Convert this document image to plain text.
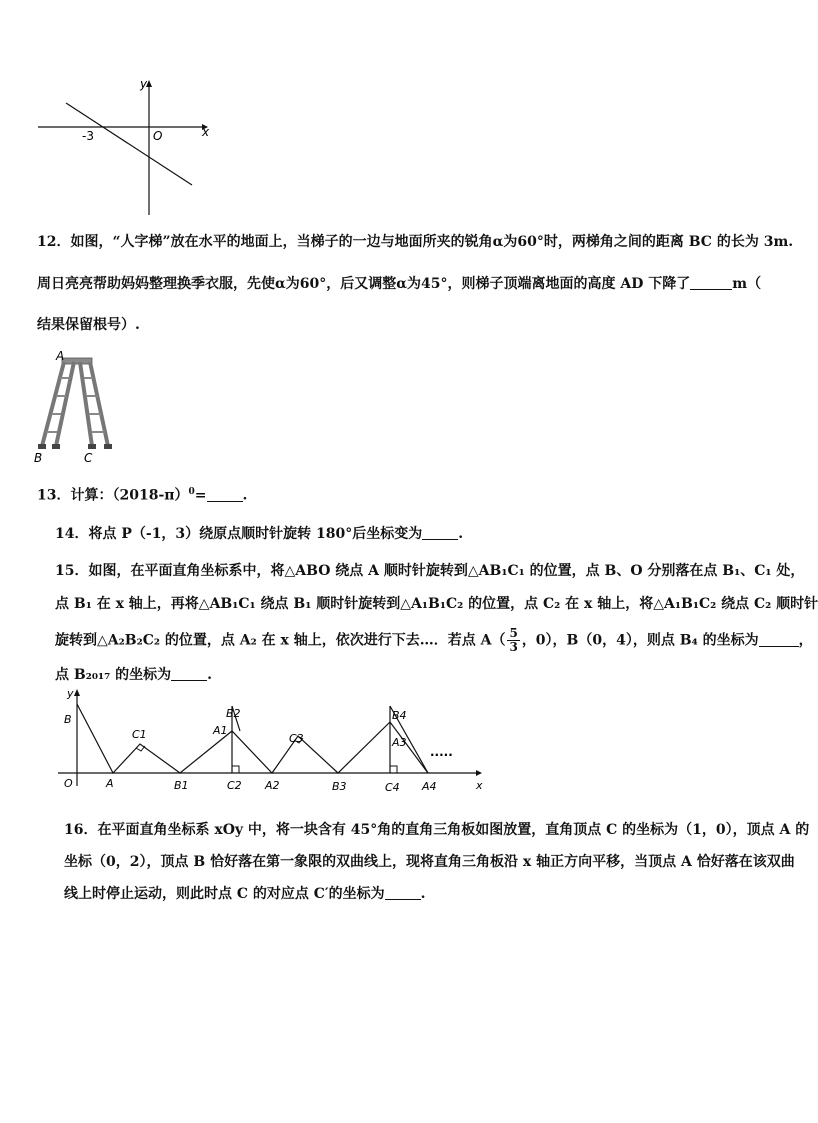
y
x
O
-3
12．如图，“人字梯”放在水平的地面上，当梯子的一边与地面所夹的锐角α为60°时，两梯角之间的距离 BC 的长为 3m.
周日亮亮帮助妈妈整理换季衣服，先使α为60°，后又调整α为45°，则梯子顶端离地面的高度 AD 下降了	m（
结果保留根号）.
A
B	C
13．计算：$(2018-\pi)^0=$	.
14．将点 P（-1，3）绕原点顺时针旋转 180°后坐标变为	.
15．如图，在平面直角坐标系中，将△ABO 绕点 A 顺时针旋转到△AB₁C₁ 的位置，点 B、O 分别落在点 B₁、C₁ 处，
点 B₁ 在 x 轴上，再将△AB₁C₁ 绕点 B₁ 顺时针旋转到△A₁B₁C₂ 的位置，点 C₂ 在 x 轴上，将△A₁B₁C₂ 绕点 C₂ 顺时针
旋转到△A₂B₂C₂ 的位置，点 A₂ 在 x 轴上，依次进行下去…．若点 $A( \frac{5}{3}$ ，0），B（0，4），则点 B₄ 的坐标为	，
点 B₂₀₁₇ 的坐标为	.
y
x
O
B
A
C1
B1
B2
A1
C2 A2
C3
B3
B4
A3
C4 A4
.....
16．在平面直角坐标系 xOy 中，将一块含有 45°角的直角三角板如图放置，直角顶点 C 的坐标为（1，0），顶点 A 的
坐标（0，2），顶点 B 恰好落在第一象限的双曲线上，现将直角三角板沿 x 轴正方向平移，当顶点 A 恰好落在该双曲
线上时停止运动，则此时点 C 的对应点 C′的坐标为	.
